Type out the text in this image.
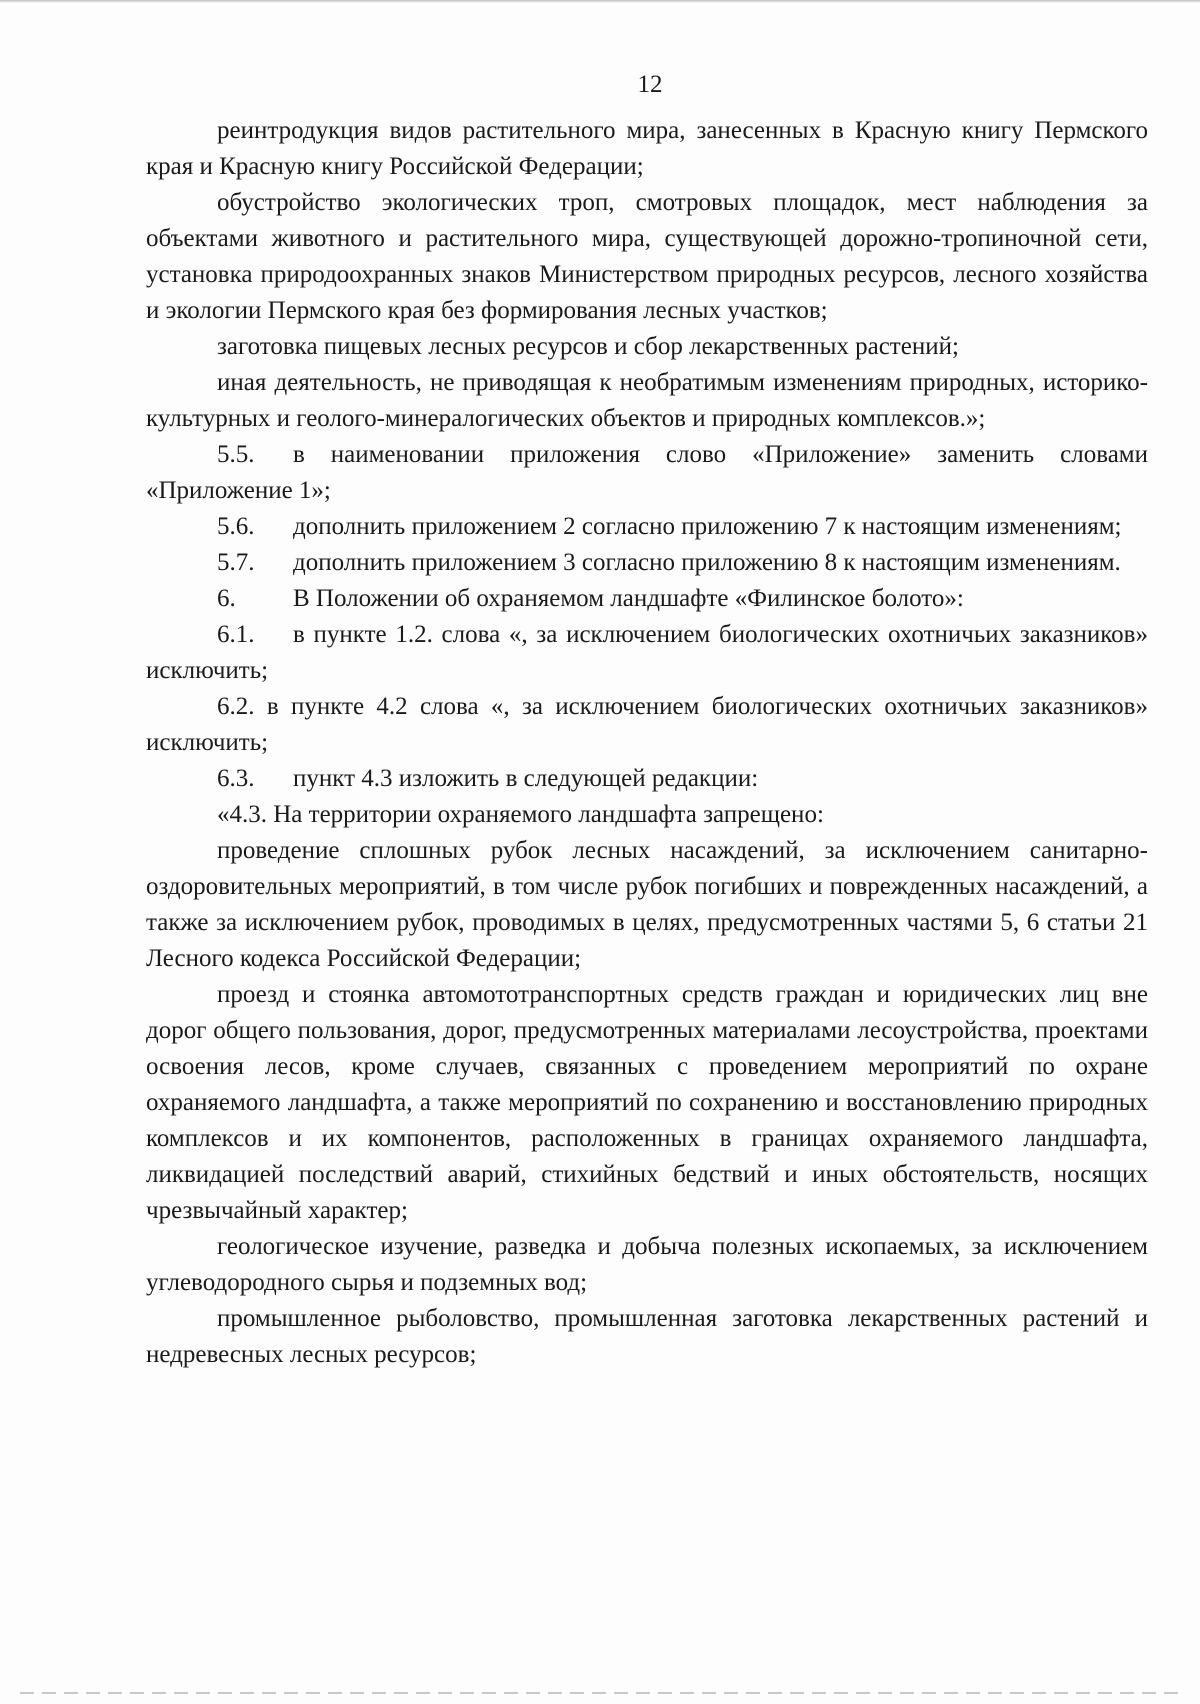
12

реинтродукция видов растительного мира, занесенных в Красную книгу Пермского края и Красную книгу Российской Федерации;

обустройство экологических троп, смотровых площадок, мест наблюдения за объектами животного и растительного мира, существующей дорожно-тропиночной сети, установка природоохранных знаков Министерством природных ресурсов, лесного хозяйства и экологии Пермского края без формирования лесных участков;

заготовка пищевых лесных ресурсов и сбор лекарственных растений;

иная деятельность, не приводящая к необратимым изменениям природных, историко-культурных и геолого-минералогических объектов и природных комплексов.»;

5.5. в наименовании приложения слово «Приложение» заменить словами «Приложение 1»;

5.6. дополнить приложением 2 согласно приложению 7 к настоящим изменениям;

5.7. дополнить приложением 3 согласно приложению 8 к настоящим изменениям.

6. В Положении об охраняемом ландшафте «Филинское болото»:

6.1. в пункте 1.2. слова «, за исключением биологических охотничьих заказников» исключить;

6.2. в пункте 4.2 слова «, за исключением биологических охотничьих заказников» исключить;

6.3. пункт 4.3 изложить в следующей редакции:

«4.3. На территории охраняемого ландшафта запрещено:

проведение сплошных рубок лесных насаждений, за исключением санитарно-оздоровительных мероприятий, в том числе рубок погибших и поврежденных насаждений, а также за исключением рубок, проводимых в целях, предусмотренных частями 5, 6 статьи 21 Лесного кодекса Российской Федерации;

проезд и стоянка автомототранспортных средств граждан и юридических лиц вне дорог общего пользования, дорог, предусмотренных материалами лесоустройства, проектами освоения лесов, кроме случаев, связанных с проведением мероприятий по охране охраняемого ландшафта, а также мероприятий по сохранению и восстановлению природных комплексов и их компонентов, расположенных в границах охраняемого ландшафта, ликвидацией последствий аварий, стихийных бедствий и иных обстоятельств, носящих чрезвычайный характер;

геологическое изучение, разведка и добыча полезных ископаемых, за исключением углеводородного сырья и подземных вод;

промышленное рыболовство, промышленная заготовка лекарственных растений и недревесных лесных ресурсов;
